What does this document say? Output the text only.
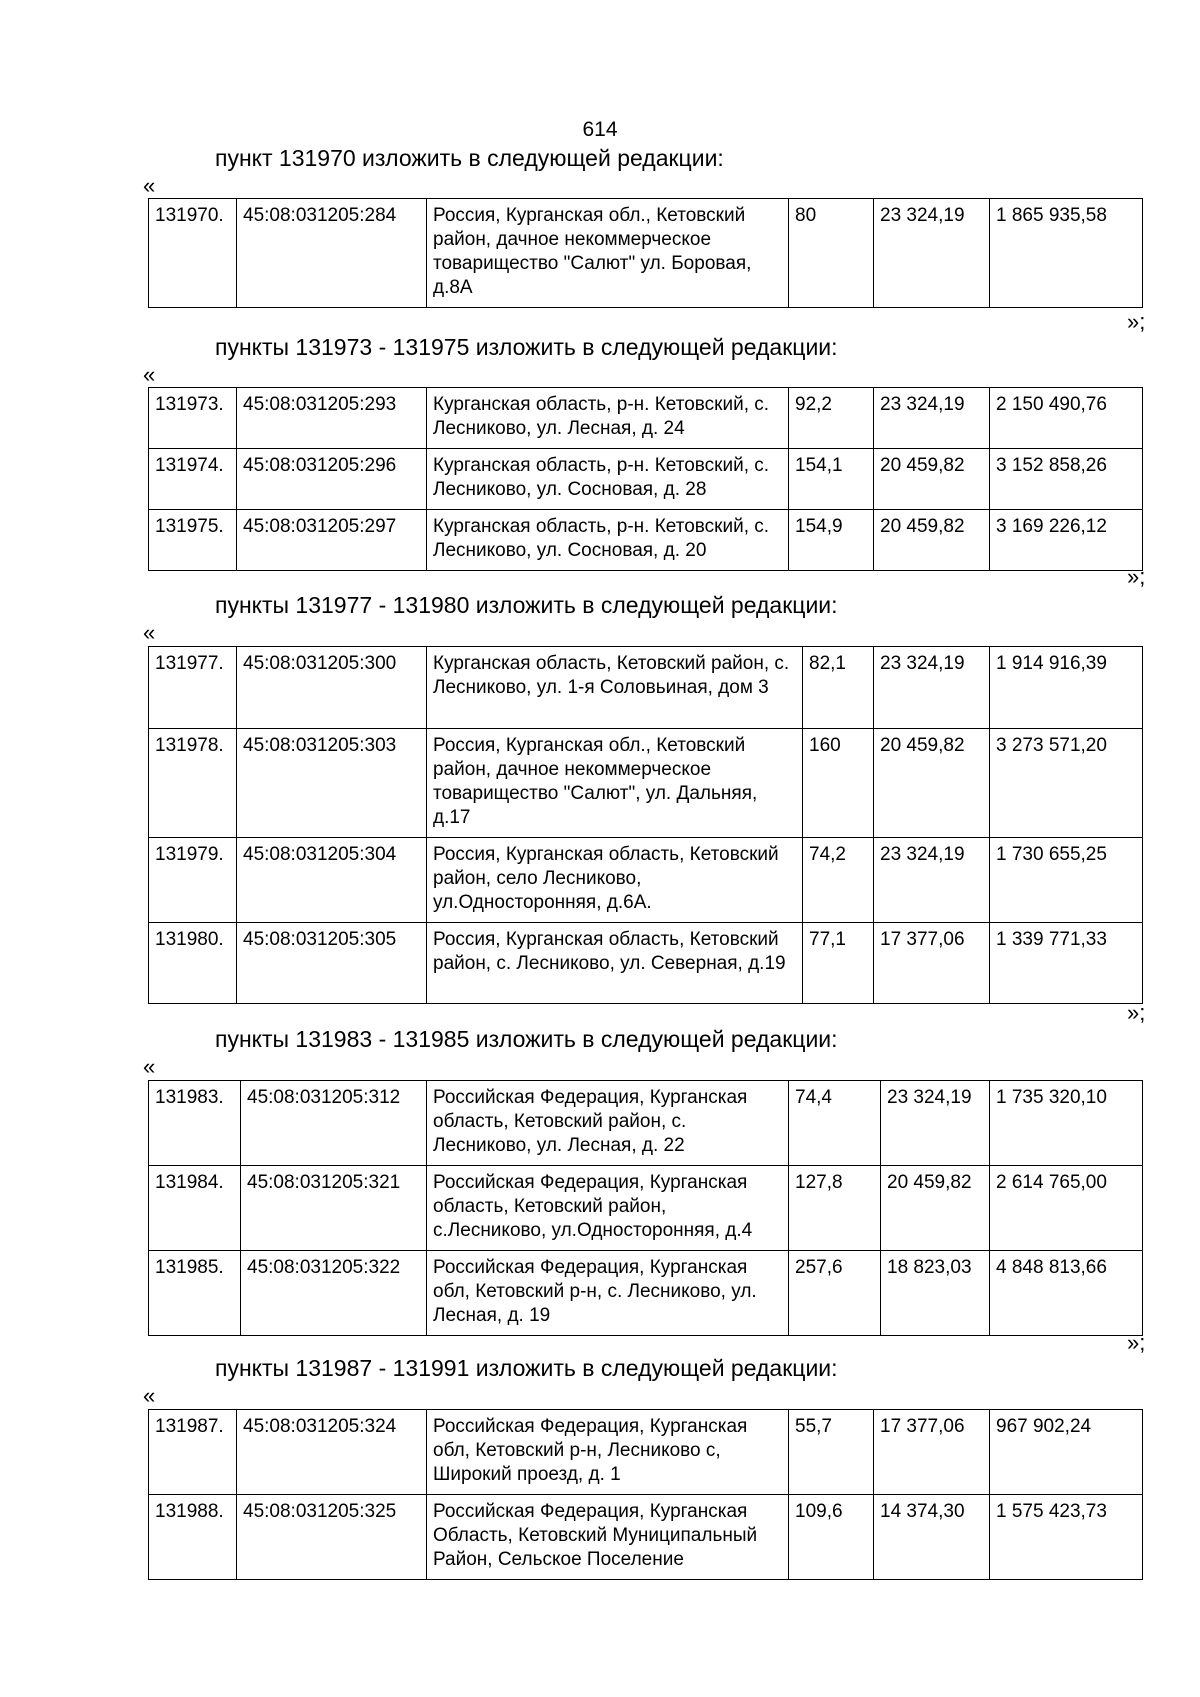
614
пункт 131970 изложить в следующей редакции:
«
131970.	45:08:031205:284	Россия, Курганская обл., Кетовский район, дачное некоммерческое товарищество "Салют" ул. Боровая, д.8А	80	23 324,19	1 865 935,58
»;
пункты 131973 - 131975 изложить в следующей редакции:
«
131973.	45:08:031205:293	Курганская область, р-н. Кетовский, с. Лесниково, ул. Лесная, д. 24	92,2	23 324,19	2 150 490,76
131974.	45:08:031205:296	Курганская область, р-н. Кетовский, с. Лесниково, ул. Сосновая, д. 28	154,1	20 459,82	3 152 858,26
131975.	45:08:031205:297	Курганская область, р-н. Кетовский, с. Лесниково, ул. Сосновая, д. 20	154,9	20 459,82	3 169 226,12
»;
пункты 131977 - 131980 изложить в следующей редакции:
«
131977.	45:08:031205:300	Курганская область, Кетовский район, с. Лесниково, ул. 1-я Соловьиная, дом 3	82,1	23 324,19	1 914 916,39
131978.	45:08:031205:303	Россия, Курганская обл., Кетовский район, дачное некоммерческое товарищество "Салют", ул. Дальняя, д.17	160	20 459,82	3 273 571,20
131979.	45:08:031205:304	Россия, Курганская область, Кетовский район, село Лесниково, ул.Односторонняя, д.6А.	74,2	23 324,19	1 730 655,25
131980.	45:08:031205:305	Россия, Курганская область, Кетовский район, с. Лесниково, ул. Северная, д.19	77,1	17 377,06	1 339 771,33
»;
пункты 131983 - 131985 изложить в следующей редакции:
«
131983.	45:08:031205:312	Российская Федерация, Курганская область, Кетовский район, с. Лесниково, ул. Лесная, д. 22	74,4	23 324,19	1 735 320,10
131984.	45:08:031205:321	Российская Федерация, Курганская область, Кетовский район, с.Лесниково, ул.Односторонняя, д.4	127,8	20 459,82	2 614 765,00
131985.	45:08:031205:322	Российская Федерация, Курганская обл, Кетовский р-н, с. Лесниково, ул. Лесная, д. 19	257,6	18 823,03	4 848 813,66
»;
пункты 131987 - 131991 изложить в следующей редакции:
«
131987.	45:08:031205:324	Российская Федерация, Курганская обл, Кетовский р-н, Лесниково с, Широкий проезд, д. 1	55,7	17 377,06	967 902,24
131988.	45:08:031205:325	Российская Федерация, Курганская Область, Кетовский Муниципальный Район, Сельское Поселение	109,6	14 374,30	1 575 423,73
